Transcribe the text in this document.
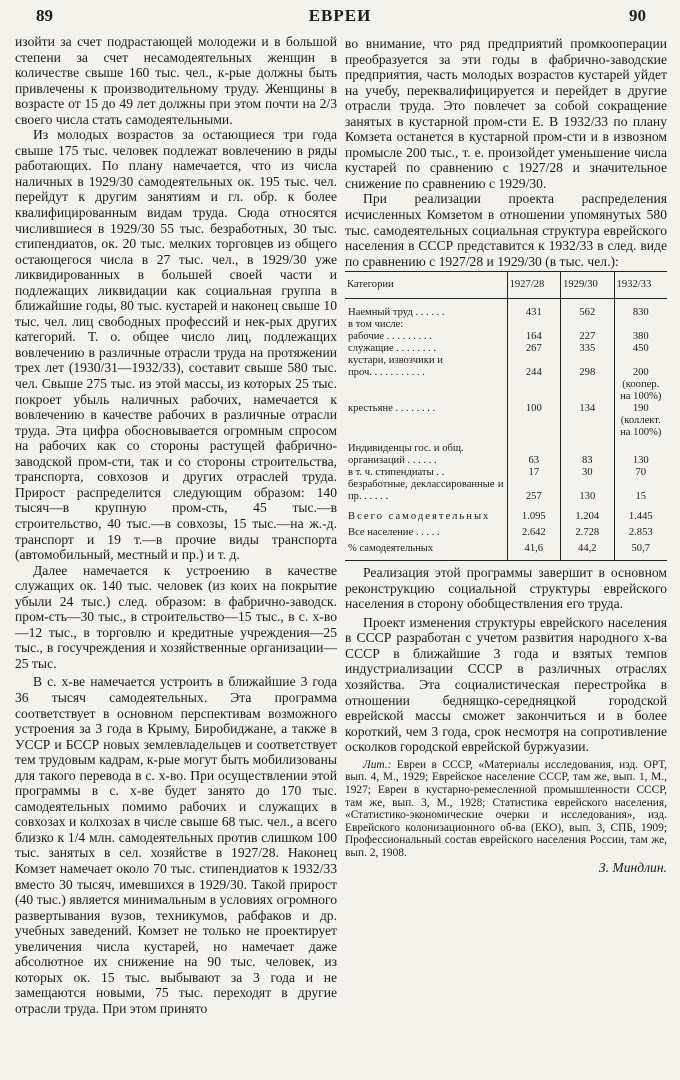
89	ЕВРЕИ	90

изойти за счет подрастающей молодежи и в большой степени за счет несамодеятельных женщин в количестве свыше 160 тыс. чел., к-рые должны быть привлечены к производительному труду. Женщины в возрасте от 15 до 49 лет должны при этом почти на 2/3 своего числа стать самодеятельными.

Из молодых возрастов за остающиеся три года свыше 175 тыс. человек подлежат вовлечению в ряды работающих. По плану намечается, что из числа наличных в 1929/30 самодеятельных ок. 195 тыс. чел. перейдут к другим занятиям и гл. обр. к более квалифицированным видам труда. Сюда относятся числившиеся в 1929/30 55 тыс. безработных, 30 тыс. стипендиатов, ок. 20 тыс. мелких торговцев из общего остающегося числа в 27 тыс. чел., в 1929/30 уже ликвидированных в большей своей части и подлежащих ликвидации как социальная группа в ближайшие годы, 80 тыс. кустарей и наконец свыше 10 тыс. чел. лиц свободных профессий и нек-рых других категорий. Т. о. общее число лиц, подлежащих вовлечению в различные отрасли труда на протяжении трех лет (1930/31—1932/33), составит свыше 580 тыс. чел. Свыше 275 тыс. из этой массы, из которых 25 тыс. покроет убыль наличных рабочих, намечается к вовлечению в качестве рабочих в различные отрасли труда. Эта цифра обосновывается огромным спросом на рабочих как со стороны растущей фабрично-заводской пром-сти, так и со стороны строительства, транспорта, совхозов и других отраслей труда. Прирост распределится следующим образом: 140 тысяч—в крупную пром-сть, 45 тыс.—в строительство, 40 тыс.—в совхозы, 15 тыс.—на ж.-д. транспорт и 19 т.—в прочие виды транспорта (автомобильный, местный и пр.) и т. д.

Далее намечается к устроению в качестве служащих ок. 140 тыс. человек (из коих на покрытие убыли 24 тыс.) след. образом: в фабрично-заводск. пром-сть—30 тыс., в строительство—15 тыс., в с. х-во—12 тыс., в торговлю и кредитные учреждения—25 тыс., в госучреждения и хозяйственные организации—25 тыс.

В с. х-ве намечается устроить в ближайшие 3 года 36 тысяч самодеятельных. Эта программа соответствует в основном перспективам возможного устроения за 3 года в Крыму, Биробиджане, а также в УССР и БССР новых землевладельцев и соответствует тем трудовым кадрам, к-рые могут быть мобилизованы для такого перевода в с. х-во. При осуществлении этой программы в с. х-ве будет занято до 170 тыс. самодеятельных помимо рабочих и служащих в совхозах и колхозах в числе свыше 68 тыс. чел., а всего близко к 1/4 млн. самодеятельных против слишком 100 тыс. занятых в сел. хозяйстве в 1927/28. Наконец Комзет намечает около 70 тыс. стипендиатов к 1932/33 вместо 30 тысяч, имевшихся в 1929/30. Такой прирост (40 тыс.) является минимальным в условиях огромного развертывания вузов, техникумов, рабфаков и др. учебных заведений. Комзет не только не проектирует увеличения числа кустарей, но намечает даже абсолютное их снижение на 90 тыс. человек, из которых ок. 15 тыс. выбывают за 3 года и не замещаются новыми, 75 тыс. переходят в другие отрасли труда. При этом принято

во внимание, что ряд предприятий промкооперации преобразуется за эти годы в фабрично-заводские предприятия, часть молодых возрастов кустарей уйдет на учебу, переквалифицируется и перейдет в другие отрасли труда. Это повлечет за собой сокращение занятых в кустарной пром-сти Е. В 1932/33 по плану Комзета останется в кустарной пром-сти и в извозном промысле 200 тыс., т. е. произойдет уменьшение числа кустарей по сравнению с 1927/28 и значительное снижение по сравнению с 1929/30.

При реализации проекта распределения исчисленных Комзетом в отношении упомянутых 580 тыс. самодеятельных социальная структура еврейского населения в СССР представится к 1932/33 в след. виде по сравнению с 1927/28 и 1929/30 (в тыс. чел.):

Категории	1927/28	1929/30	1932/33

Наемный труд . . . . . .	431	562	830
в том числе:			
рабочие . . . . . . . . .	164	227	380
служащие . . . . . . . .	267	335	450
кустари, извозчики и			
проч. . . . . . . . . . .	244	298	200
			(коопер. на 100%)
крестьяне . . . . . . . .	100	134	190
			(коллект. на 100%)
Индивиденцы гос. и общ.			
организаций . . . . . .	63	83	130
в т. ч. стипендиаты . .	17	30	70
безработные, деклассированные и пр. . . . . .	257	130	15

Всего самодеятельных	1.095	1.204	1.445
Все население . . . . .	2.642	2.728	2.853
% самодеятельных	41,6	44,2	50,7

Реализация этой программы завершит в основном реконструкцию социальной структуры еврейского населения в сторону обобществления его труда.

Проект изменения структуры еврейского населения в СССР разработан с учетом развития народного х-ва СССР в ближайшие 3 года и взятых темпов индустриализации СССР в различных отраслях хозяйства. Эта социалистическая перестройка в отношении беднящко-середняцкой городской еврейской массы сможет закончиться и в более короткий, чем 3 года, срок несмотря на сопротивление осколков городской еврейской буржуазии.

Лит.: Евреи в СССР, «Материалы исследования, изд. ОРТ, вып. 4, М., 1929; Еврейское население СССР, там же, вып. 1, М., 1927; Евреи в кустарно-ремесленной промышленности СССР, там же, вып. 3, М., 1928; Статистика еврейского населения, «Статистико-экономические очерки и исследования», изд. Еврейского колонизационного об-ва (ЕКО), вып. 3, СПБ, 1909; Профессиональный состав еврейского населения России, там же, вып. 2, 1908.

З. Миндлин.
